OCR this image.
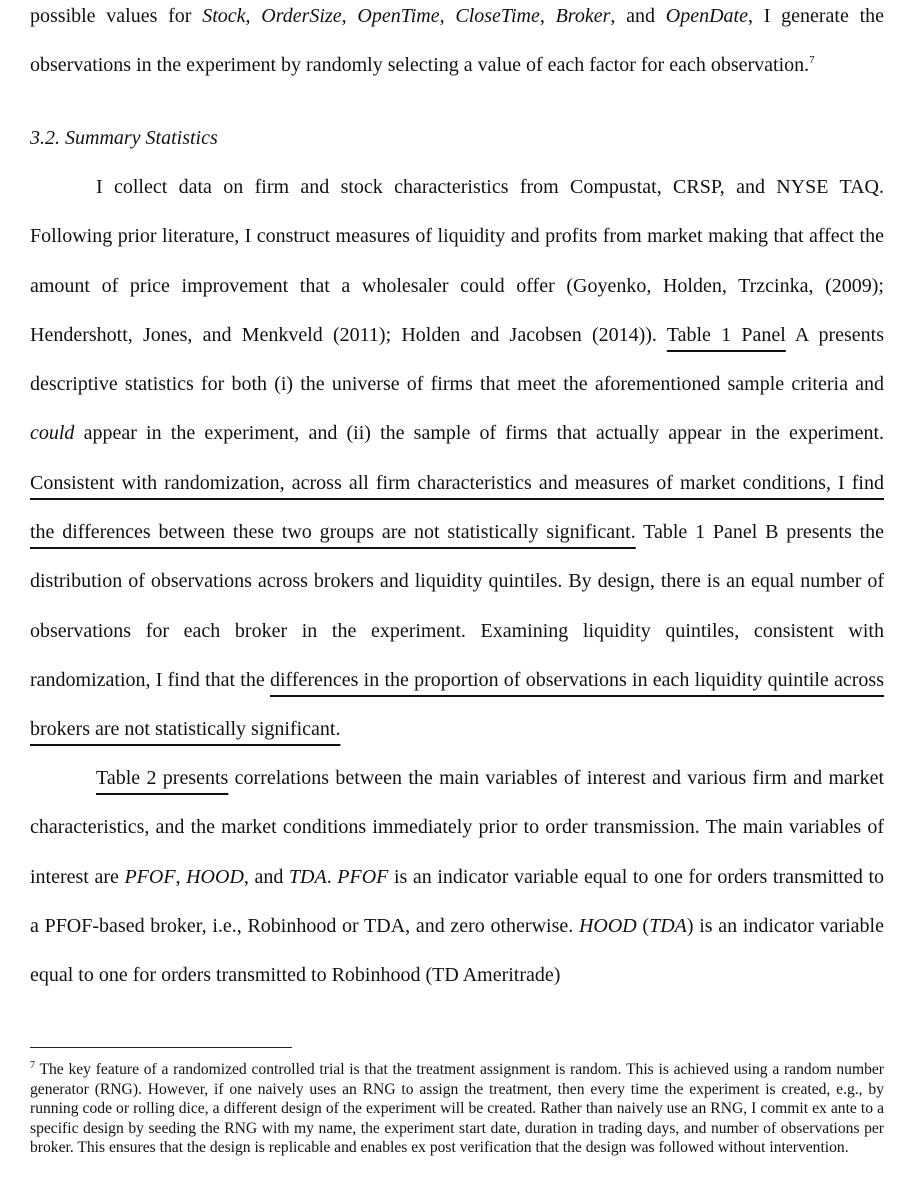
possible values for Stock, OrderSize, OpenTime, CloseTime, Broker, and OpenDate, I generate the observations in the experiment by randomly selecting a value of each factor for each observation.$^7$

3.2. Summary Statistics

I collect data on firm and stock characteristics from Compustat, CRSP, and NYSE TAQ. Following prior literature, I construct measures of liquidity and profits from market making that affect the amount of price improvement that a wholesaler could offer (Goyenko, Holden, Trzcinka, (2009); Hendershott, Jones, and Menkveld (2011); Holden and Jacobsen (2014)). Table 1 Panel A presents descriptive statistics for both (i) the universe of firms that meet the aforementioned sample criteria and could appear in the experiment, and (ii) the sample of firms that actually appear in the experiment. Consistent with randomization, across all firm characteristics and measures of market conditions, I find the differences between these two groups are not statistically significant. Table 1 Panel B presents the distribution of observations across brokers and liquidity quintiles. By design, there is an equal number of observations for each broker in the experiment. Examining liquidity quintiles, consistent with randomization, I find that the differences in the proportion of observations in each liquidity quintile across brokers are not statistically significant.

Table 2 presents correlations between the main variables of interest and various firm and market characteristics, and the market conditions immediately prior to order transmission. The main variables of interest are PFOF, HOOD, and TDA. PFOF is an indicator variable equal to one for orders transmitted to a PFOF-based broker, i.e., Robinhood or TDA, and zero otherwise. HOOD (TDA) is an indicator variable equal to one for orders transmitted to Robinhood (TD Ameritrade)

$^7$ The key feature of a randomized controlled trial is that the treatment assignment is random. This is achieved using a random number generator (RNG). However, if one naively uses an RNG to assign the treatment, then every time the experiment is created, e.g., by running code or rolling dice, a different design of the experiment will be created. Rather than naively use an RNG, I commit ex ante to a specific design by seeding the RNG with my name, the experiment start date, duration in trading days, and number of observations per broker. This ensures that the design is replicable and enables ex post verification that the design was followed without intervention.
